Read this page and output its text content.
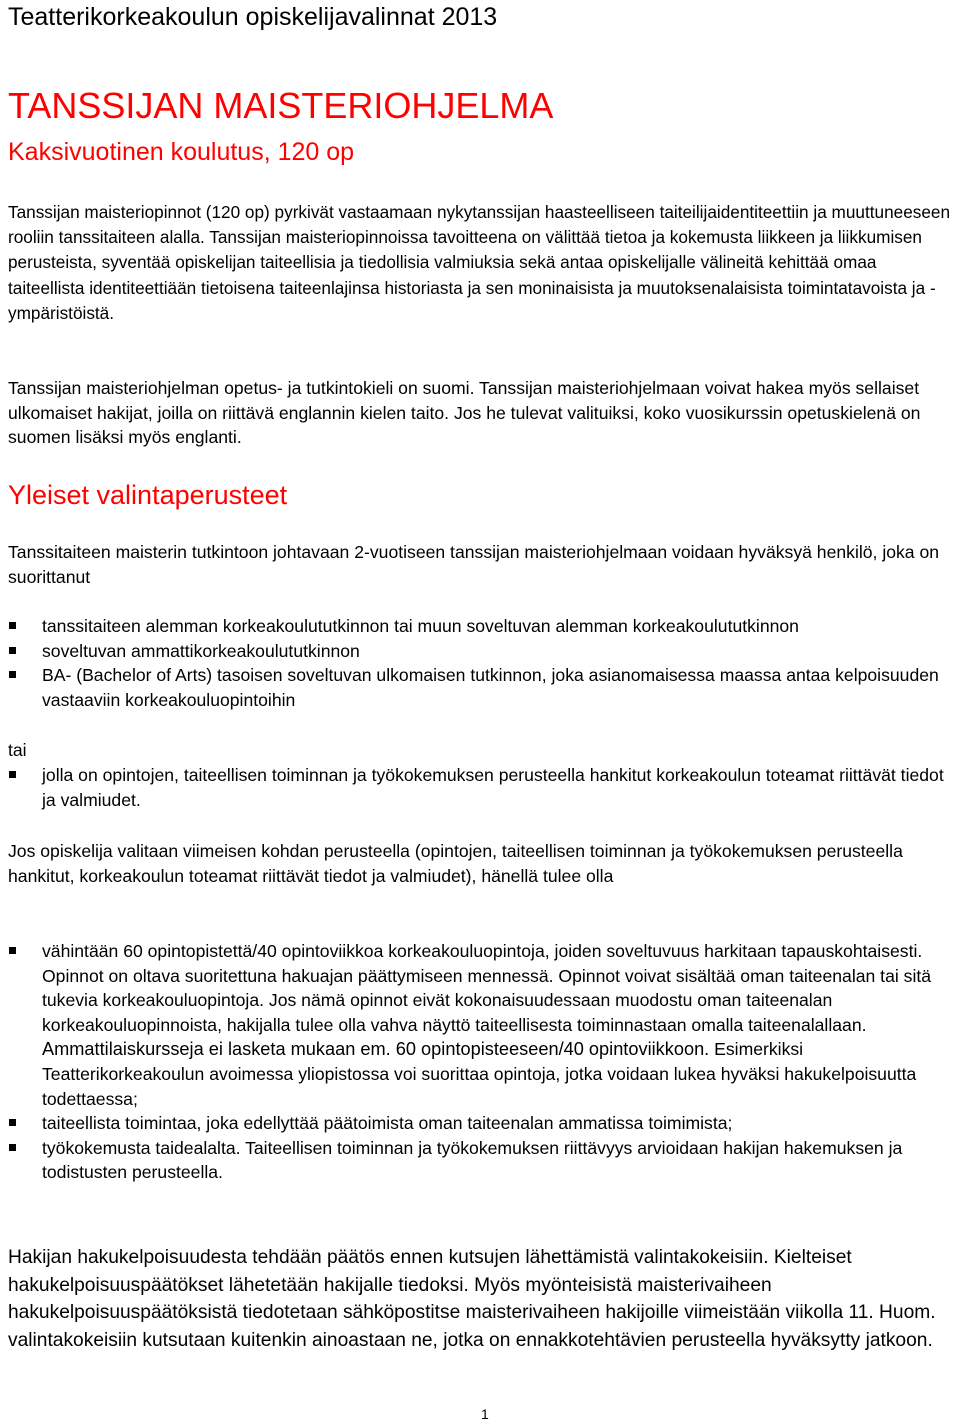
Teatterikorkeakoulun opiskelijavalinnat 2013
TANSSIJAN MAISTERIOHJELMA
Kaksivuotinen koulutus, 120 op

Tanssijan maisteriopinnot (120 op) pyrkivät vastaamaan nykytanssijan haasteelliseen taiteilijaidentiteettiin ja muuttuneeseen rooliin tanssitaiteen alalla. Tanssijan maisteriopinnoissa tavoitteena on välittää tietoa ja kokemusta liikkeen ja liikkumisen perusteista, syventää opiskelijan taiteellisia ja tiedollisia valmiuksia sekä antaa opiskelijalle välineitä kehittää omaa taiteellista identiteettiään tietoisena taiteenlajinsa historiasta ja sen moninaisista ja muutoksenalaisista toimintatavoista ja -ympäristöistä.

Tanssijan maisteriohjelman opetus- ja tutkintokieli on suomi. Tanssijan maisteriohjelmaan voivat hakea myös sellaiset ulkomaiset hakijat, joilla on riittävä englannin kielen taito. Jos he tulevat valituiksi, koko vuosikurssin opetuskielenä on suomen lisäksi myös englanti.

Yleiset valintaperusteet

Tanssitaiteen maisterin tutkintoon johtavaan 2-vuotiseen tanssijan maisteriohjelmaan voidaan hyväksyä henkilö, joka on suorittanut

tanssitaiteen alemman korkeakoulututkinnon tai muun soveltuvan alemman korkeakoulututkinnon
soveltuvan ammattikorkeakoulututkinnon
BA- (Bachelor of Arts) tasoisen soveltuvan ulkomaisen tutkinnon, joka asianomaisessa maassa antaa kelpoisuuden vastaaviin korkeakouluopintoihin
tai
jolla on opintojen, taiteellisen toiminnan ja työkokemuksen perusteella hankitut korkeakoulun toteamat riittävät tiedot ja valmiudet.

Jos opiskelija valitaan viimeisen kohdan perusteella (opintojen, taiteellisen toiminnan ja työkokemuksen perusteella hankitut, korkeakoulun toteamat riittävät tiedot ja valmiudet), hänellä tulee olla

vähintään 60 opintopistettä/40 opintoviikkoa korkeakouluopintoja, joiden soveltuvuus harkitaan tapauskohtaisesti. Opinnot on oltava suoritettuna hakuajan päättymiseen mennessä. Opinnot voivat sisältää oman taiteenalan tai sitä tukevia korkeakouluopintoja. Jos nämä opinnot eivät kokonaisuudessaan muodostu oman taiteenalan korkeakouluopinnoista, hakijalla tulee olla vahva näyttö taiteellisesta toiminnastaan omalla taiteenalallaan. Ammattilaiskursseja ei lasketa mukaan em. 60 opintopisteeseen/40 opintoviikkoon. Esimerkiksi Teatterikorkeakoulun avoimessa yliopistossa voi suorittaa opintoja, jotka voidaan lukea hyväksi hakukelpoisuutta todettaessa;
taiteellista toimintaa, joka edellyttää päätoimista oman taiteenalan ammatissa toimimista;
työkokemusta taidealalta. Taiteellisen toiminnan ja työkokemuksen riittävyys arvioidaan hakijan hakemuksen ja todistusten perusteella.

Hakijan hakukelpoisuudesta tehdään päätös ennen kutsujen lähettämistä valintakokeisiin. Kielteiset hakukelpoisuuspäätökset lähetetään hakijalle tiedoksi. Myös myönteisistä maisterivaiheen hakukelpoisuuspäätöksistä tiedotetaan sähköpostitse maisterivaiheen hakijoille viimeistään viikolla 11. Huom. valintakokeisiin kutsutaan kuitenkin ainoastaan ne, jotka on ennakkotehtävien perusteella hyväksytty jatkoon.

1
